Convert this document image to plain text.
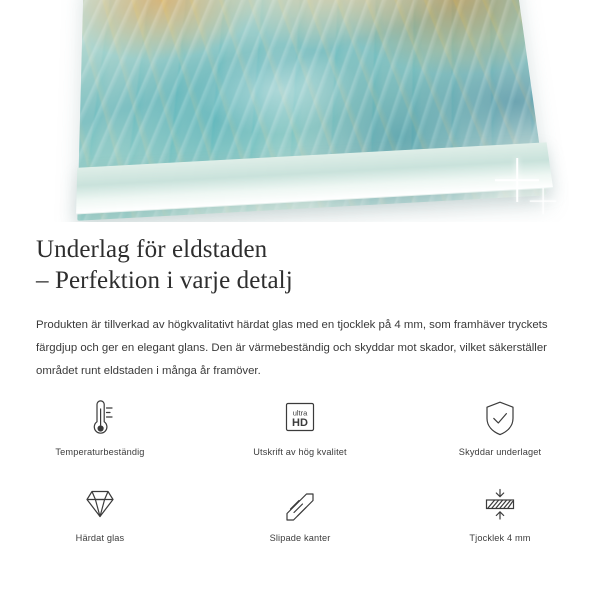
Underlag för eldstaden
– Perfektion i varje detalj

Produkten är tillverkad av högkvalitativt härdat glas med en tjocklek på 4 mm, som framhäver tryckets färgdjup och ger en elegant glans. Den är värmebeständig och skyddar mot skador, vilket säkerställer området runt eldstaden i många år framöver.

Temperaturbeständig
ultra
HD
Utskrift av hög kvalitet	Skyddar underlaget
Härdat glas	Slipade kanter	Tjocklek 4 mm
